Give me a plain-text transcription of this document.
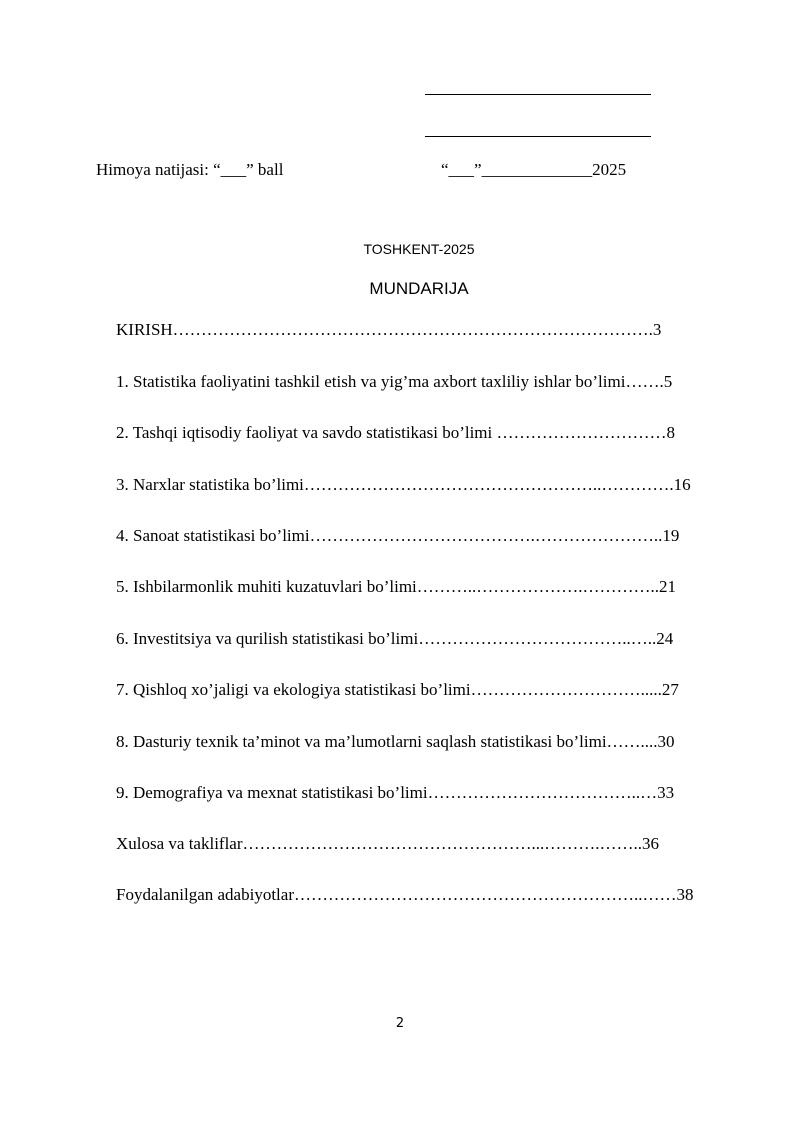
Himoya natijasi: “___” ball	“___”_____________2025
TOSHKENT-2025
MUNDARIJA
KIRISH………………………………………………………………………….3
1. Statistika faoliyatini tashkil etish va yig’ma axbort taxliliy ishlar bo’limi…….5
2. Tashqi iqtisodiy faoliyat va savdo statistikasi bo’limi …………………………8
3. Narxlar statistika bo’limi……………………………………………..………….16
4. Sanoat statistikasi bo’limi………………………………….…………………..19
5. Ishbilarmonlik muhiti kuzatuvlari bo’limi………..……………….…………..21
6. Investitsiya va qurilish statistikasi bo’limi………………………………..…..24
7. Qishloq xo’jaligi va ekologiya statistikasi bo’limi………………………….....27
8. Dasturiy texnik ta’minot va ma’lumotlarni saqlash statistikasi bo’limi……....30
9. Demografiya va mexnat statistikasi bo’limi………………………………..…33
Xulosa va takliflar……………………………………………...……….……..36
Foydalanilgan adabiyotlar……………………………………………………..……38
2
